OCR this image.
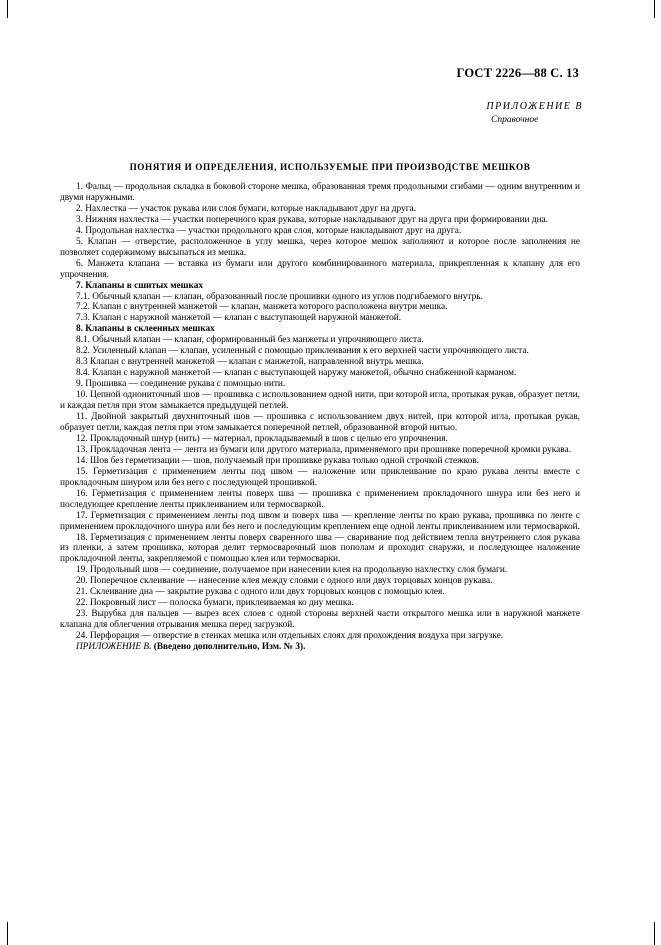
ГОСТ 2226—88 С. 13
ПРИЛОЖЕНИЕ В
Справочное
ПОНЯТИЯ И ОПРЕДЕЛЕНИЯ, ИСПОЛЬЗУЕМЫЕ ПРИ ПРОИЗВОДСТВЕ МЕШКОВ

1. Фальц — продольная складка в боковой стороне мешка, образованная тремя продольными сгибами — одним внутренним и двумя наружными.

2. Нахлестка — участок рукава или слоя бумаги, которые накладывают друг на друга.

3. Нижняя нахлестка — участки поперечного края рукава, которые накладывают друг на друга при формировании дна.

4. Продольная нахлестка — участки продольного края слоя, которые накладывают друг на друга.

5. Клапан — отверстие, расположенное в углу мешка, через которое мешок заполняют и которое после заполнения не позволяет содержимому высыпаться из мешка.

6. Манжета клапана — вставка из бумаги или другого комбинированного материала, прикрепленная к клапану для его упрочнения.

7. Клапаны в сшитых мешках

7.1. Обычный клапан — клапан, образованный после прошивки одного из углов подгибаемого внутрь.

7.2. Клапан с внутренней манжетой — клапан, манжета которого расположена внутри мешка.

7.3. Клапан с наружной манжетой — клапан с выступающей наружной манжетой.

8. Клапаны в склеенных мешках

8.1. Обычный клапан — клапан, сформированный без манжеты и упрочняющего листа.

8.2. Усиленный клапан — клапан, усиленный с помощью приклеивания к его верхней части упрочняющего листа.

8.3 Клапан с внутренней манжетой — клапан с манжетой, направленной внутрь мешка.

8.4. Клапан с наружной манжетой — клапан с выступающей наружу манжетой, обычно снабженной карманом.

9. Прошивка — соединение рукава с помощью нити.

10. Цепной однониточный шов — прошивка с использованием одной нити, при которой игла, протыкая рукав, образует петли, и каждая петля при этом замыкается предыдущей петлей.

11. Двойной закрытый двухниточный шов — прошивка с использованием двух нитей, при которой игла, протыкая рукав, образует петли, каждая петля при этом замыкается поперечной петлей, образованной второй нитью.

12. Прокладочный шнур (нить) — материал, прокладываемый в шов с целью его упрочнения.

13. Прокладочная лента — лента из бумаги или другого материала, применяемого при прошивке поперечной кромки рукава.

14. Шов без герметизации — шов, получаемый при прошивке рукава только одной строчкой стежков.

15. Герметизация с применением ленты под швом — наложение или приклеивание по краю рукава ленты вместе с прокладочным шнуром или без него с последующей прошивкой.

16. Герметизация с применением ленты поверх шва — прошивка с применением прокладочного шнура или без него и последующее крепление ленты приклеиванием или термосваркой.

17. Герметизация с применением ленты под швом и поверх шва — крепление ленты по краю рукава, прошивка по ленте с применением прокладочного шнура или без него и последующим креплением еще одной ленты приклеиванием или термосваркой.

18. Герметизация с применением ленты поверх сваренного шва — сваривание под действием тепла внутреннего слоя рукава из пленки, а затем прошивка, которая делит термосварочный шов пополам и проходит снаружи, и последующее наложение прокладочной ленты, закрепляемой с помощью клея или термосварки.

19. Продольный шов — соединение, получаемое при нанесении клея на продольную нахлестку слоя бумаги.

20. Поперечное склеивание — нанесение клея между слоями с одного или двух торцовых концов рукава.

21. Склеивание дна — закрытие рукава с одного или двух торцовых концов с помощью клея.

22. Покровный лист — полоска бумаги, приклеиваемая ко дну мешка.

23. Вырубка для пальцев — вырез всех слоев с одной стороны верхней части открытого мешка или в наружной манжете клапана для облегчения отрывания мешка перед загрузкой.

24. Перфорация — отверстие в стенках мешка или отдельных слоях для прохождения воздуха при загрузке.

ПРИЛОЖЕНИЕ В. (Введено дополнительно, Изм. № 3).
